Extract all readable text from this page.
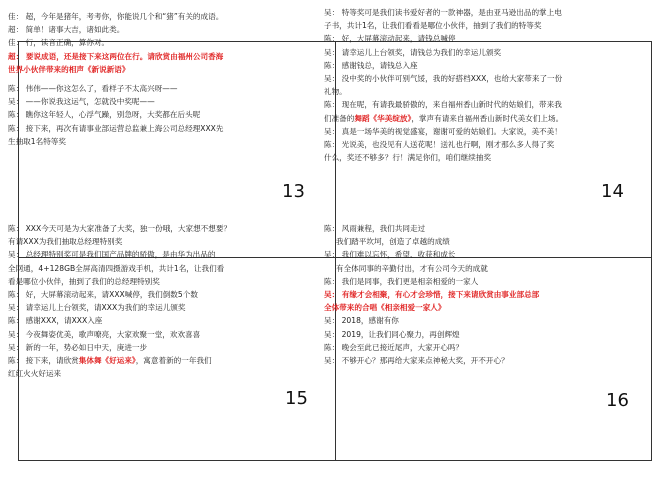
佳： 超，今年是猪年，考考你，你能说几个和“猪”有关的成语。
超： 简单！诸事大吉，诸如此类。
佳： 行，读音正确，算你对。
超： 要说成语，还是接下来这两位在行。请欣赏由福州公司香海
世界小伙伴带来的相声《新说新语》
陈： 伟伟——你这怎么了，看样子不太高兴呀——
吴： ——你说我这运气，怎就没中奖呢——
陈： 瞧你这年轻人，心浮气躁，别急呀，大奖都在后头呢
陈： 接下来，再次有请事业部运营总监兼上海公司总经理XXX先
生抽取1名特等奖
吴： 特等奖可是我们读书爱好者的一款神器，是由亚马逊出品的掌上电
子书，共计1名，让我们看看是哪位小伙伴，抽到了我们的特等奖
陈： 好，大屏幕滚动起来，请钱总喊停
吴： 请幸运儿上台领奖，请钱总为我们的幸运儿颁奖
陈： 感谢钱总，请钱总入座
吴： 没中奖的小伙伴可别气馁，我的好搭档XXX，也给大家带来了一份
礼物。
陈： 现在呢，有请我最骄傲的，来自福州香山新时代的姑娘们，带来我
们准备的舞蹈《华美绽放》，掌声有请来自福州香山新时代美女们上场。
吴： 真是一场华美的视觉盛宴，谢谢可爱的姑娘们。大家说，美不美！
陈： 光说美，也没见有人送花呢！送礼也行啊，刚才那么多人得了奖
什么，奖还不够多？行！满足你们，咱们继续抽奖
陈： XXX今天可是为大家准备了大奖，独一份哦，大家想不想要？
有请XXX为我们抽取总经理特别奖
吴： 总经理特别奖可是我们国产品牌的骄傲，是由华为出品的
全网通，4+128GB全屏高清四摄游戏手机，共计1名，让我们看
看是哪位小伙伴，抽到了我们的总经理特别奖
陈： 好，大屏幕滚动起来，请XXX喊停，我们倒数5个数
吴： 请幸运儿上台领奖，请XXX为我们的幸运儿颁奖
陈： 感谢XXX，请XXX入座
吴： 今夜舞姿优美，歌声嘹亮，大家欢聚一堂，欢欢喜喜
吴： 新的一年，势必如日中天，庚进一步
陈： 接下来，请欣赏集体舞《好运来》，寓意着新的一年我们
红红火火好运来
陈： 风雨兼程，我们共同走过
我们踏平坎坷，创造了卓越的成绩
吴： 我们难以忘怀，希望、收获和成长
有全体同事的辛勤付出，才有公司今天的成就
陈： 我们是同事，我们更是相亲相爱的一家人
吴： 有缘才会相聚，有心才会珍惜，接下来请欣赏由事业部总部
全体带来的合唱《相亲相爱一家人》
吴： 2018，感谢有你
吴： 2019，让我们同心聚力，再创辉煌
陈： 晚会至此已接近尾声，大家开心吗？
吴： 不够开心？那再给大家来点神秘大奖，开不开心？
13	14
15	16
